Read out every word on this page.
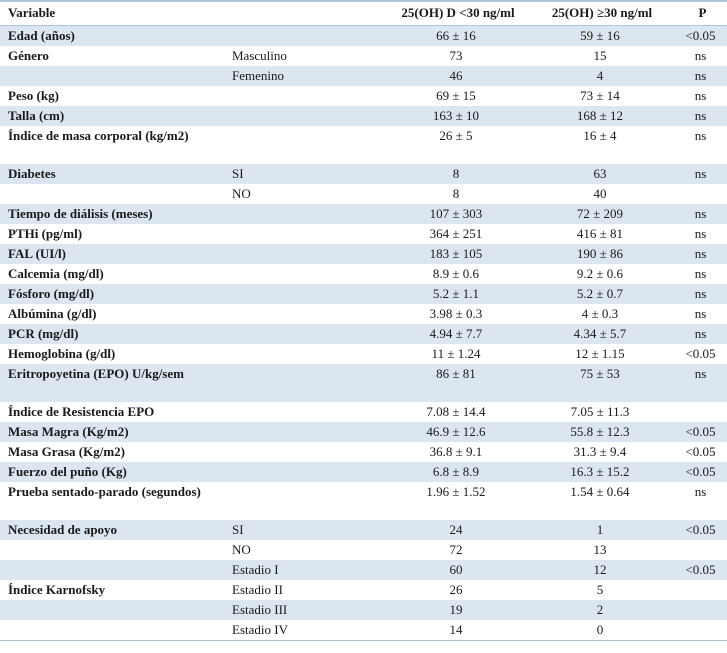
Variable		25(OH) D <30 ng/ml	25(OH) ≥30 ng/ml	P
Edad (años)		66 ± 16	59 ± 16	<0.05
Género	Masculino	73	15	ns
	Femenino	46	4	ns
Peso (kg)		69 ± 15	73 ± 14	ns
Talla (cm)		163 ± 10	168 ± 12	ns
Índice de masa corporal (kg/m2)		26 ± 5	16 ± 4	ns
Diabetes	SI	8	63	ns
	NO	8	40	
Tiempo de diálisis (meses)		107 ± 303	72 ± 209	ns
PTHi (pg/ml)		364 ± 251	416 ± 81	ns
FAL (UI/l)		183 ± 105	190 ± 86	ns
Calcemia (mg/dl)		8.9 ± 0.6	9.2 ± 0.6	ns
Fósforo (mg/dl)		5.2 ± 1.1	5.2 ± 0.7	ns
Albúmina (g/dl)		3.98 ± 0.3	4 ± 0.3	ns
PCR (mg/dl)		4.94 ± 7.7	4.34 ± 5.7	ns
Hemoglobina (g/dl)		11 ± 1.24	12 ± 1.15	<0.05
Eritropoyetina (EPO) U/kg/sem		86 ± 81	75 ± 53	ns
Índice de Resistencia EPO		7.08 ± 14.4	7.05 ± 11.3	
Masa Magra (Kg/m2)		46.9 ± 12.6	55.8 ± 12.3	<0.05
Masa Grasa (Kg/m2)		36.8 ± 9.1	31.3 ± 9.4	<0.05
Fuerzo del puño (Kg)		6.8 ± 8.9	16.3 ± 15.2	<0.05
Prueba sentado-parado (segundos)		1.96 ± 1.52	1.54 ± 0.64	ns
Necesidad de apoyo	SI	24	1	<0.05
	NO	72	13	
	Estadio I	60	12	<0.05
Índice Karnofsky	Estadio II	26	5	
	Estadio III	19	2	
	Estadio IV	14	0	
